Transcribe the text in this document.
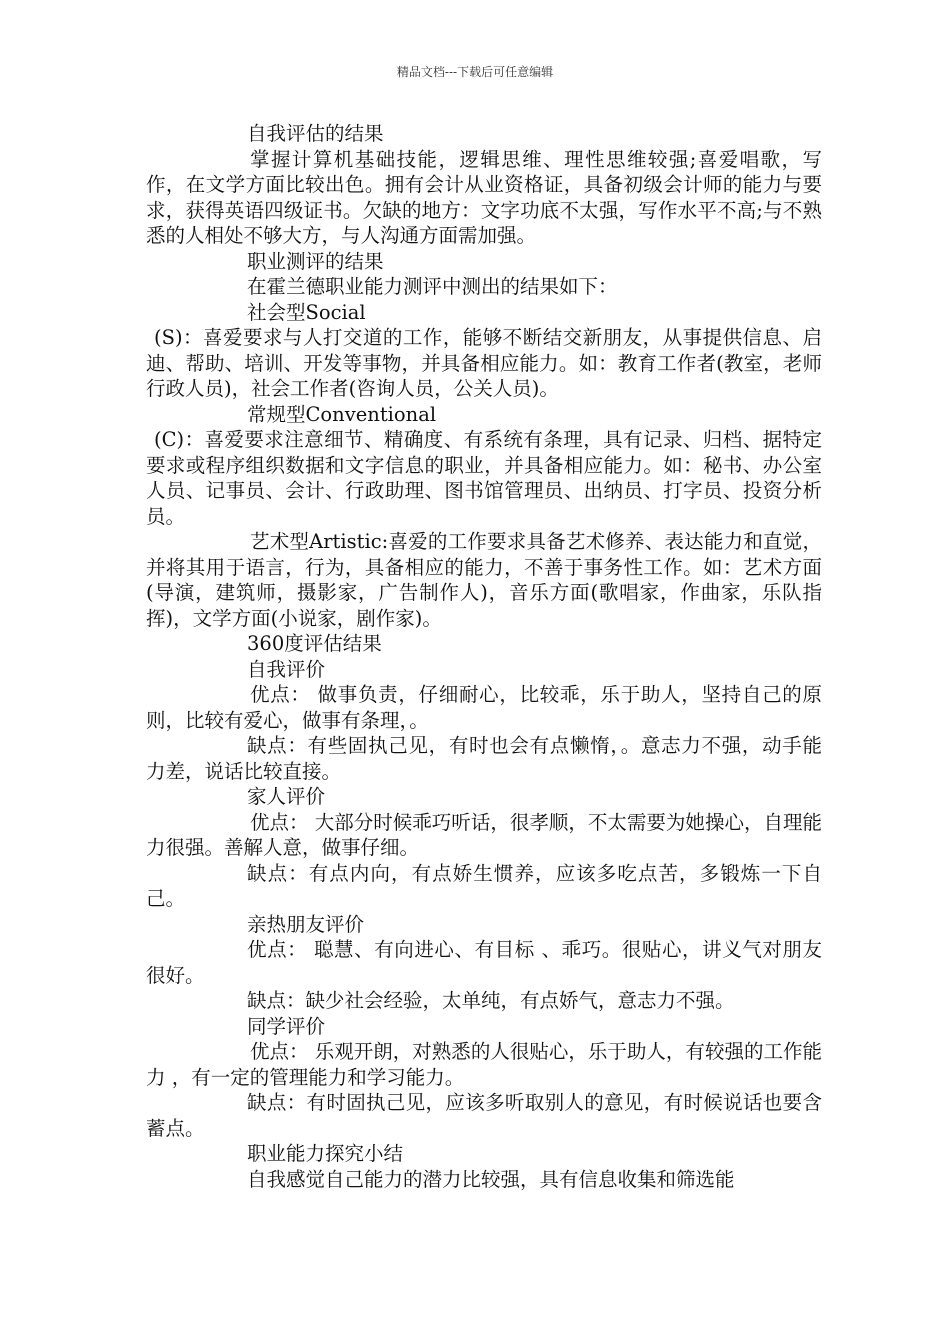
精品文档---下载后可任意编辑

自我评估的结果

掌握计算机基础技能，逻辑思维、理性思维较强;喜爱唱歌，写作，在文学方面比较出色。拥有会计从业资格证，具备初级会计师的能力与要求，获得英语四级证书。欠缺的地方：文字功底不太强，写作水平不高;与不熟悉的人相处不够大方，与人沟通方面需加强。

职业测评的结果

在霍兰德职业能力测评中测出的结果如下：

社会型Social

(S)：喜爱要求与人打交道的工作，能够不断结交新朋友，从事提供信息、启迪、帮助、培训、开发等事物，并具备相应能力。如：教育工作者(教室，老师行政人员)，社会工作者(咨询人员，公关人员)。

常规型Conventional

(C)：喜爱要求注意细节、精确度、有系统有条理，具有记录、归档、据特定要求或程序组织数据和文字信息的职业，并具备相应能力。如：秘书、办公室人员、记事员、会计、行政助理、图书馆管理员、出纳员、打字员、投资分析员。

艺术型Artistic:喜爱的工作要求具备艺术修养、表达能力和直觉，并将其用于语言，行为，具备相应的能力，不善于事务性工作。如：艺术方面(导演，建筑师，摄影家，广告制作人)，音乐方面(歌唱家，作曲家，乐队指挥)，文学方面(小说家，剧作家)。

360度评估结果

自我评价

优点： 做事负责，仔细耐心，比较乖，乐于助人，坚持自己的原则，比较有爱心，做事有条理，。

缺点：有些固执己见，有时也会有点懒惰，。意志力不强，动手能力差，说话比较直接。

家人评价

优点： 大部分时候乖巧听话，很孝顺，不太需要为她操心，自理能力很强。善解人意，做事仔细。

缺点：有点内向，有点娇生惯养，应该多吃点苦，多锻炼一下自己。

亲热朋友评价

优点： 聪慧、有向进心、有目标 、乖巧。很贴心，讲义气对朋友很好。

缺点：缺少社会经验，太单纯，有点娇气，意志力不强。

同学评价

优点： 乐观开朗，对熟悉的人很贴心，乐于助人，有较强的工作能力 ，有一定的管理能力和学习能力。

缺点：有时固执己见，应该多听取别人的意见，有时候说话也要含蓄点。

职业能力探究小结

自我感觉自己能力的潜力比较强，具有信息收集和筛选能
